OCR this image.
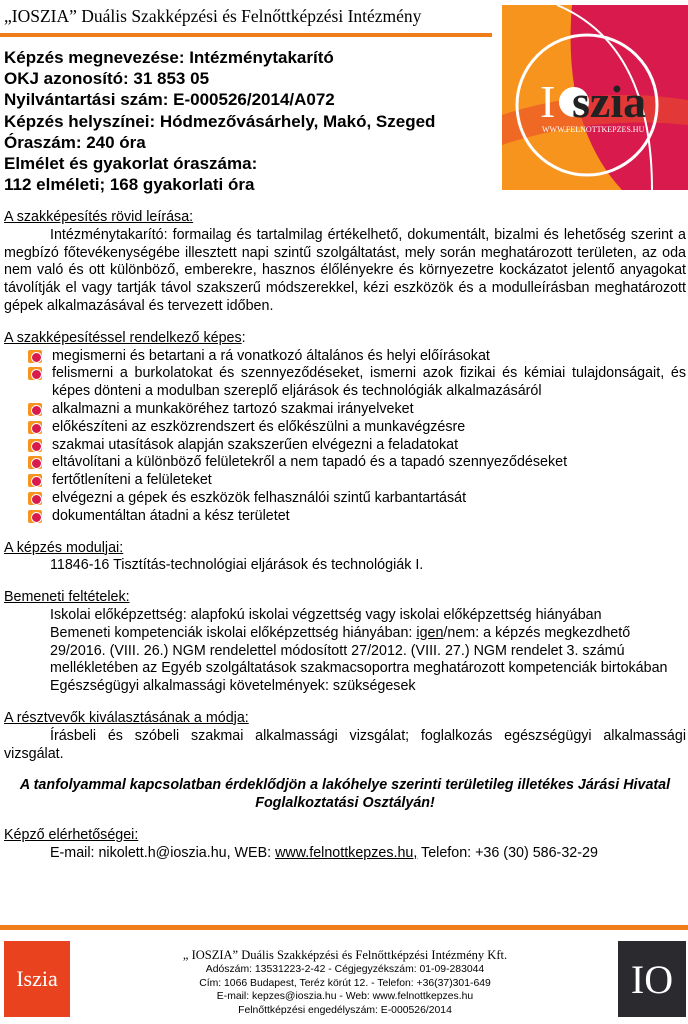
„IOSZIA” Duális Szakképzési és Felnőttképzési Intézmény
I szia
WWW.FELNOTTKEPZES.HU
Képzés megnevezése: Intézménytakarító
OKJ azonosító: 31 853 05
Nyilvántartási szám: E-000526/2014/A072
Képzés helyszínei: Hódmezővásárhely, Makó, Szeged
Óraszám: 240 óra
Elmélet és gyakorlat óraszáma:
112 elméleti; 168 gyakorlati óra
A szakképesítés rövid leírása:
Intézménytakarító: formailag és tartalmilag értékelhető, dokumentált, bizalmi és lehetőség szerint a megbízó főtevékenységébe illesztett napi szintű szolgáltatást, mely során meghatározott területen, az oda nem való és ott különböző, emberekre, hasznos élőlényekre és környezetre kockázatot jelentő anyagokat távolítják el vagy tartják távol szakszerű módszerekkel, kézi eszközök és a modulleírásban meghatározott gépek alkalmazásával és tervezett időben.
A szakképesítéssel rendelkező képes:
megismerni és betartani a rá vonatkozó általános és helyi előírásokat
felismerni a burkolatokat és szennyeződéseket, ismerni azok fizikai és kémiai tulajdonságait, és képes dönteni a modulban szereplő eljárások és technológiák alkalmazásáról
alkalmazni a munkaköréhez tartozó szakmai irányelveket
előkészíteni az eszközrendszert és előkészülni a munkavégzésre
szakmai utasítások alapján szakszerűen elvégezni a feladatokat
eltávolítani a különböző felületekről a nem tapadó és a tapadó szennyeződéseket
fertőtleníteni a felületeket
elvégezni a gépek és eszközök felhasználói szintű karbantartását
dokumentáltan átadni a kész területet
A képzés moduljai:
11846-16 Tisztítás-technológiai eljárások és technológiák I.
Bemeneti feltételek:
Iskolai előképzettség: alapfokú iskolai végzettség vagy iskolai előképzettség hiányában
Bemeneti kompetenciák iskolai előképzettség hiányában: igen/nem: a képzés megkezdhető 29/2016. (VIII. 26.) NGM rendelettel módosított 27/2012. (VIII. 27.) NGM rendelet 3. számú mellékletében az Egyéb szolgáltatások szakmacsoportra meghatározott kompetenciák birtokában
Egészségügyi alkalmassági követelmények: szükségesek
A résztvevők kiválasztásának a módja:
Írásbeli és szóbeli szakmai alkalmassági vizsgálat; foglalkozás egészségügyi alkalmassági vizsgálat.
A tanfolyammal kapcsolatban érdeklődjön a lakóhelye szerinti területileg illetékes Járási Hivatal Foglalkoztatási Osztályán!
Képző elérhetőségei:
E-mail: nikolett.h@ioszia.hu, WEB: www.felnottkepzes.hu, Telefon: +36 (30) 586-32-29
Iszia
„ IOSZIA” Duális Szakképzési és Felnőttképzési Intézmény Kft.
Adószám: 13531223-2-42 - Cégjegyzékszám: 01-09-283044
Cím: 1066 Budapest, Teréz körút 12. - Telefon: +36(37)301-649
E-mail: kepzes@ioszia.hu - Web: www.felnottkepzes.hu
Felnőttképzési engedélyszám: E-000526/2014
IO
